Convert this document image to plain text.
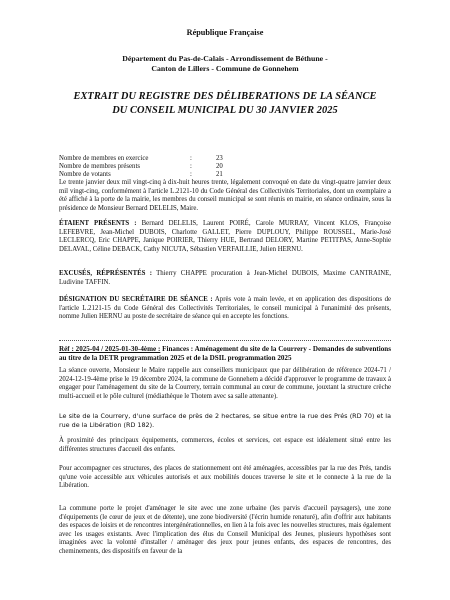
République Française
Département du Pas-de-Calais - Arrondissement de Béthune -
Canton de Lillers - Commune de Gonnehem
EXTRAIT DU REGISTRE DES DÉLIBERATIONS DE LA SÉANCE
DU CONSEIL MUNICIPAL DU 30 JANVIER 2025
Nombre de membres en exercice	:	23
Nombre de membres présents	:	20
Nombre de votants	:	21
Le trente janvier deux mil vingt-cinq à dix-huit heures trente, légalement convoqué en date du vingt-quatre janvier deux mil vingt-cinq, conformément à l'article L.2121-10 du Code Général des Collectivités Territoriales, dont un exemplaire a été affiché à la porte de la mairie, les membres du conseil municipal se sont réunis en mairie, en séance ordinaire, sous la présidence de Monsieur Bernard DELELIS, Maire.
ÉTAIENT PRÉSENTS : Bernard DELELIS, Laurent POIRÉ, Carole MURRAY, Vincent KLOS, Françoise LEFEBVRE, Jean-Michel DUBOIS, Charlotte GALLET, Pierre DUPLOUY, Philippe ROUSSEL, Marie-José LECLERCQ, Eric CHAPPE, Janique POIRIER, Thierry HUE, Bertrand DELORY, Martine PETITPAS, Anne-Sophie DELAVAL, Céline DEBACK, Cathy NICUTA, Sébastien VERFAILLIE, Julien HERNU.
EXCUSÉS, RÉPRÉSENTÉS : Thierry CHAPPE procuration à Jean-Michel DUBOIS, Maxime CANTRAINE, Ludivine TAFFIN.
DÉSIGNATION DU SECRÉTAIRE DE SÉANCE : Après vote à main levée, et en application des dispositions de l'article L.2121-15 du Code Général des Collectivités Territoriales, le conseil municipal à l'unanimité des présents, nomme Julien HERNU au poste de secrétaire de séance qui en accepte les fonctions.
Réf : 2025-04 / 2025-01-30-4ème : Finances : Aménagement du site de la Courrery - Demandes de subventions au titre de la DETR programmation 2025 et de la DSIL programmation 2025
La séance ouverte, Monsieur le Maire rappelle aux conseillers municipaux que par délibération de référence 2024-71 / 2024-12-19-4ème prise le 19 décembre 2024, la commune de Gonnehem a décidé d'approuver le programme de travaux à engager pour l'aménagement du site de la Courrery, terrain communal au cœur de commune, jouxtant la structure crèche multi-accueil et le pôle culturel (médiathèque le Thotem avec sa salle attenante).
Le site de la Courrery, d'une surface de près de 2 hectares, se situe entre la rue des Prés (RD 70) et la rue de la Libération (RD 182).
À proximité des principaux équipements, commerces, écoles et services, cet espace est idéalement situé entre les différentes structures d'accueil des enfants.
Pour accompagner ces structures, des places de stationnement ont été aménagées, accessibles par la rue des Prés, tandis qu'une voie accessible aux véhicules autorisés et aux mobilités douces traverse le site et le connecte à la rue de la Libération.
La commune porte le projet d'aménager le site avec une zone urbaine (les parvis d'accueil paysagers), une zone d'équipements (le cœur de jeux et de détente), une zone biodiversité (l'écrin humide renaturé), afin d'offrir aux habitants des espaces de loisirs et de rencontres intergénérationnelles, en lien à la fois avec les nouvelles structures, mais également avec les usages existants. Avec l'implication des élus du Conseil Municipal des Jeunes, plusieurs hypothèses sont imaginées avec la volonté d'installer / aménager des jeux pour jeunes enfants, des espaces de rencontres, des cheminements, des dispositifs en faveur de la
